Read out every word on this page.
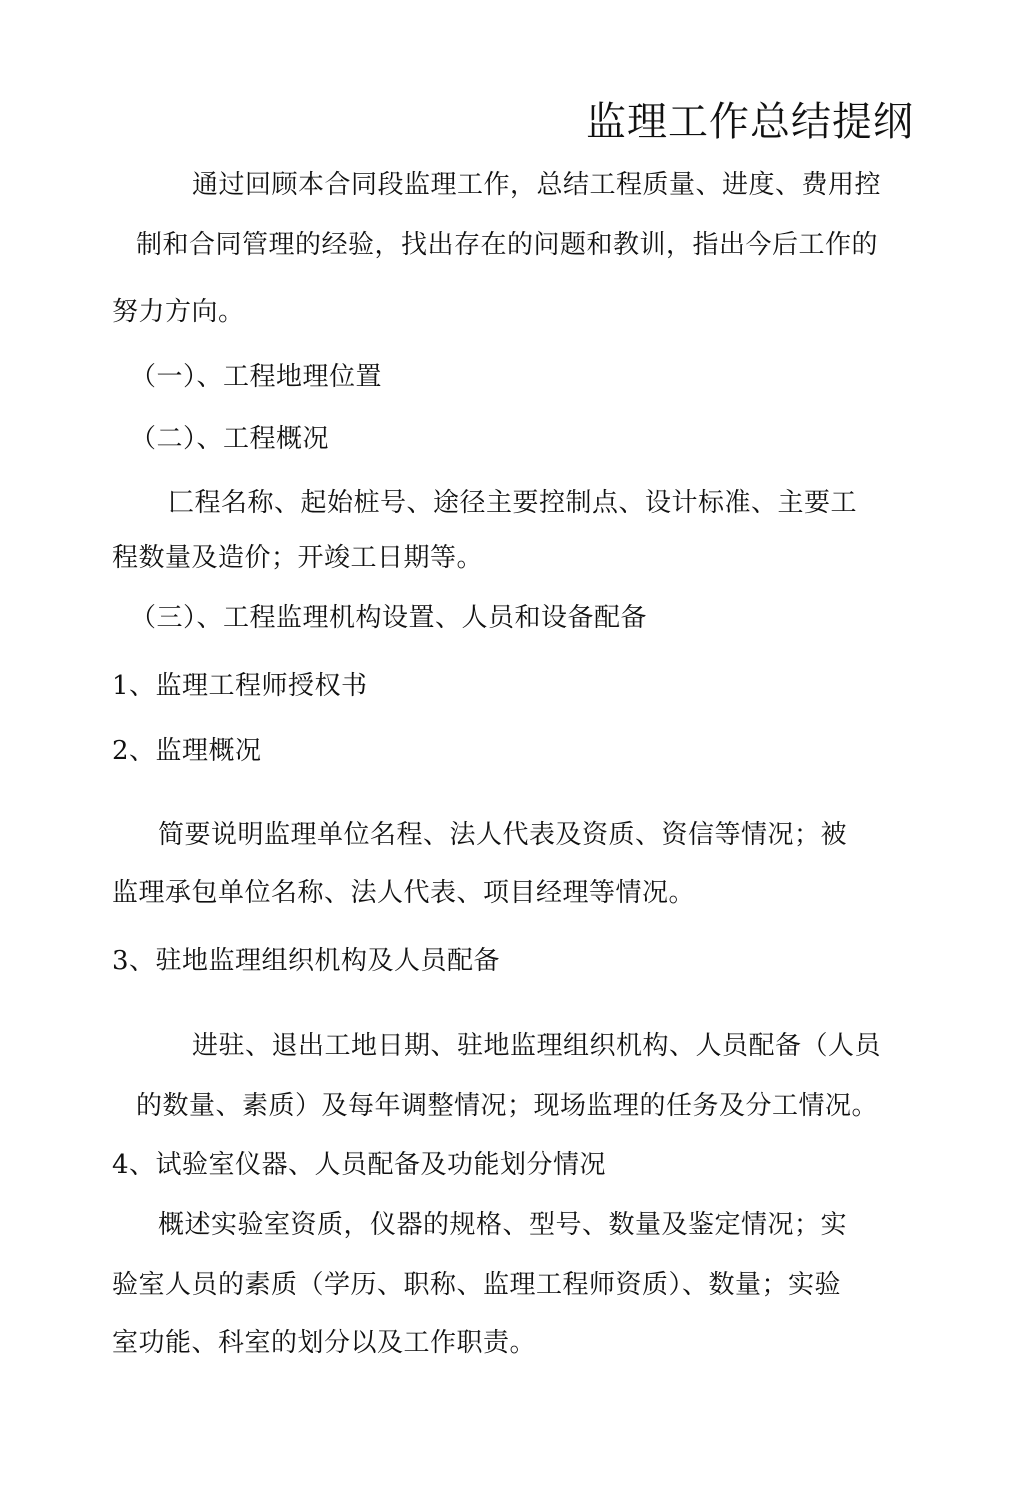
监理工作总结提纲
通过回顾本合同段监理工作，总结工程质量、进度、费用控
制和合同管理的经验，找出存在的问题和教训，指出今后工作的
努力方向。
（一）、工程地理位置
（二）、工程概况
匚程名称、起始桩号、途径主要控制点、设计标准、主要工
程数量及造价；开竣工日期等。
（三）、工程监理机构设置、人员和设备配备
1、监理工程师授权书
2、监理概况
简要说明监理单位名程、法人代表及资质、资信等情况；被
监理承包单位名称、法人代表、项目经理等情况。
3、驻地监理组织机构及人员配备
进驻、退出工地日期、驻地监理组织机构、人员配备（人员
的数量、素质）及每年调整情况；现场监理的任务及分工情况。
4、试验室仪器、人员配备及功能划分情况
概述实验室资质，仪器的规格、型号、数量及鉴定情况；实
验室人员的素质（学历、职称、监理工程师资质）、数量；实验
室功能、科室的划分以及工作职责。
